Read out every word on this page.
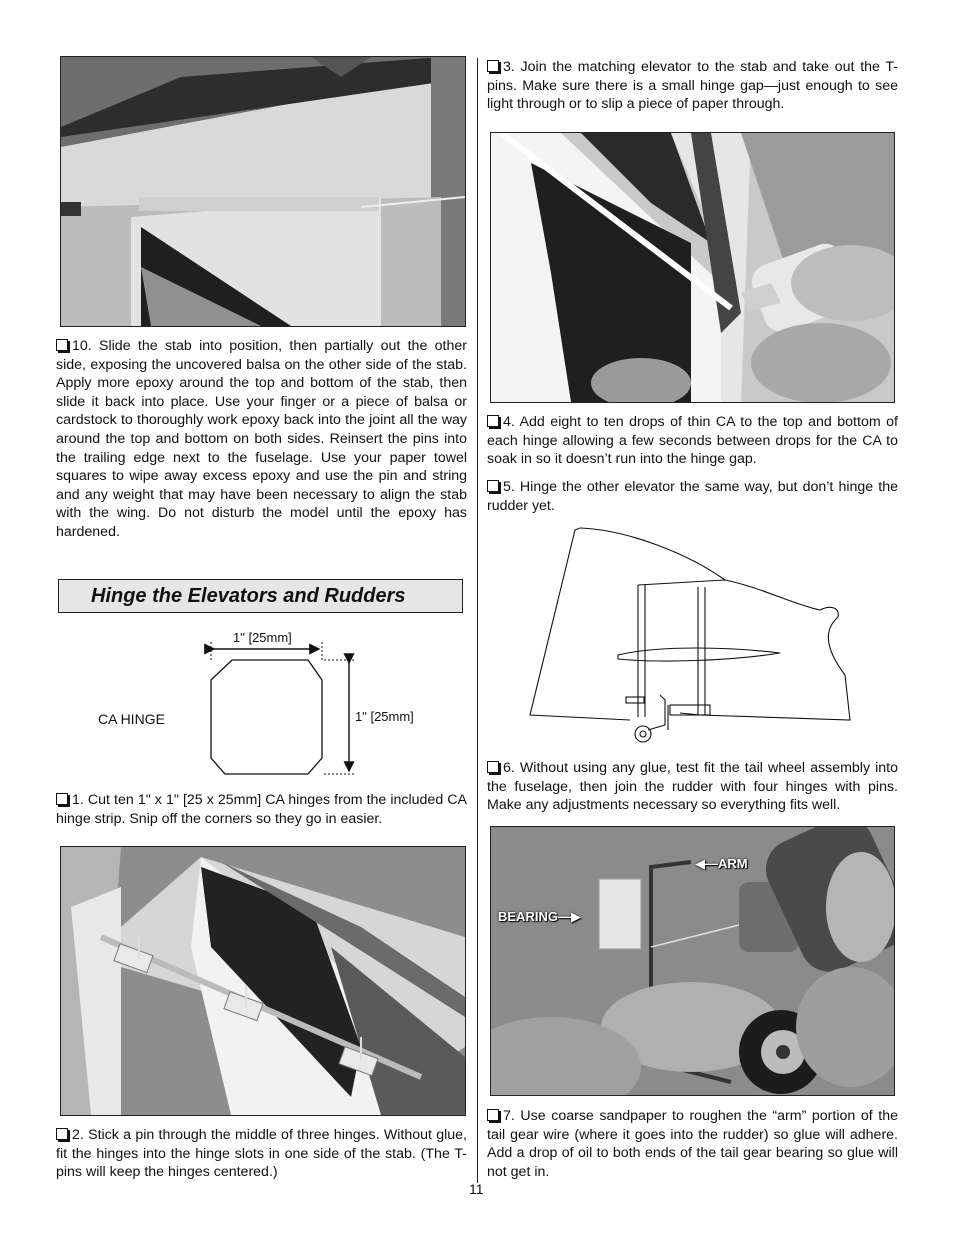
10. Slide the stab into position, then partially out the other side, exposing the uncovered balsa on the other side of the stab. Apply more epoxy around the top and bottom of the stab, then slide it back into place. Use your finger or a piece of balsa or cardstock to thoroughly work epoxy back into the joint all the way around the top and bottom on both sides. Reinsert the pins into the trailing edge next to the fuselage. Use your paper towel squares to wipe away excess epoxy and use the pin and string and any weight that may have been necessary to align the stab with the wing. Do not disturb the model until the epoxy has hardened.

Hinge the Elevators and Rudders
1" [25mm]
1" [25mm]
CA HINGE

1. Cut ten 1" x 1" [25 x 25mm] CA hinges from the included CA hinge strip. Snip off the corners so they go in easier.

2. Stick a pin through the middle of three hinges. Without glue, fit the hinges into the hinge slots in one side of the stab. (The T-pins will keep the hinges centered.)

3. Join the matching elevator to the stab and take out the T-pins. Make sure there is a small hinge gap—just enough to see light through or to slip a piece of paper through.

4. Add eight to ten drops of thin CA to the top and bottom of each hinge allowing a few seconds between drops for the CA to soak in so it doesn’t run into the hinge gap.

5. Hinge the other elevator the same way, but don’t hinge the rudder yet.

6. Without using any glue, test fit the tail wheel assembly into the fuselage, then join the rudder with four hinges with pins. Make any adjustments necessary so everything fits well.

◀—ARM
BEARING—▶

7. Use coarse sandpaper to roughen the “arm” portion of the tail gear wire (where it goes into the rudder) so glue will adhere. Add a drop of oil to both ends of the tail gear bearing so glue will not get in.

11
